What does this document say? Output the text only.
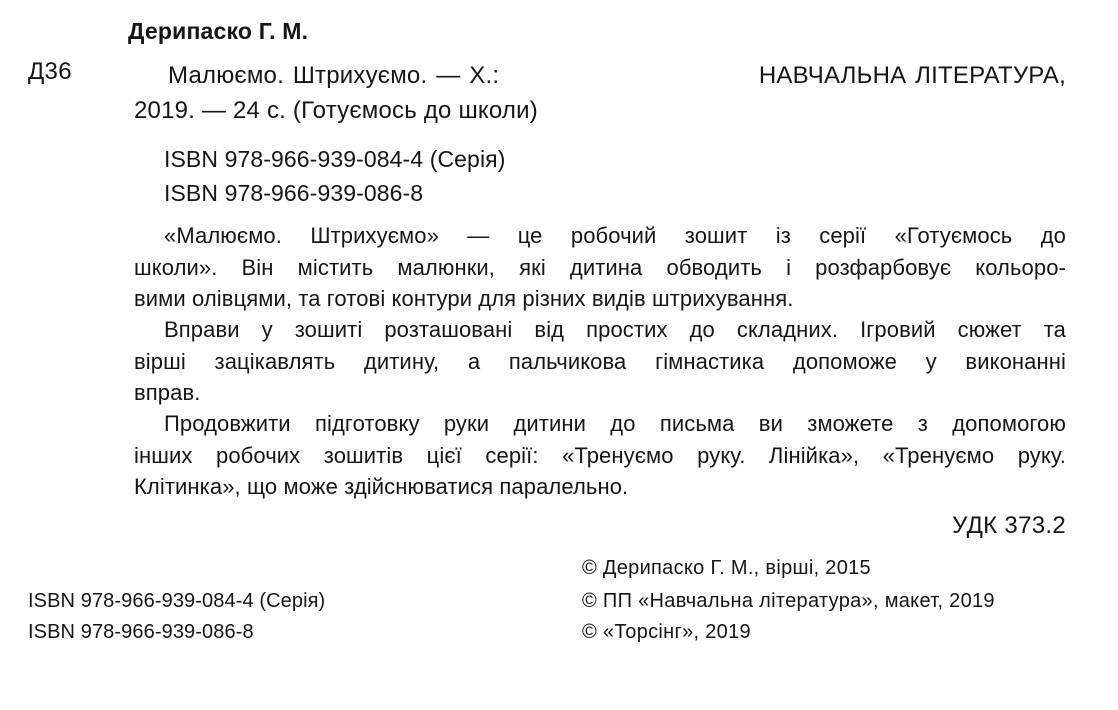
Дерипаско Г. М.
Д36	Малюємо. Штрихуємо. — Х.:	НАВЧАЛЬНА ЛІТЕРАТУРА,
2019. — 24 с. (Готуємось до школи)
ISBN 978-966-939-084-4 (Серія)
ISBN 978-966-939-086-8

«Малюємо. Штрихуємо» — це робочий зошит із серії «Готуємось до

школи». Він містить малюнки, які дитина обводить і розфарбовує кольоро-

вими олівцями, та готові контури для різних видів штрихування.

Вправи у зошиті розташовані від простих до складних. Ігровий сюжет та

вірші зацікавлять дитину, а пальчикова гімнастика допоможе у виконанні

вправ.

Продовжити підготовку руки дитини до письма ви зможете з допомогою

інших робочих зошитів цієї серії: «Тренуємо руку. Лінійка», «Тренуємо руку.

Клітинка», що може здійснюватися паралельно.

УДК 373.2
ISBN 978-966-939-084-4 (Серія)
ISBN 978-966-939-086-8
© Дерипаско Г. М., вірші, 2015
© ПП «Навчальна література», макет, 2019
© «Торсінг», 2019
